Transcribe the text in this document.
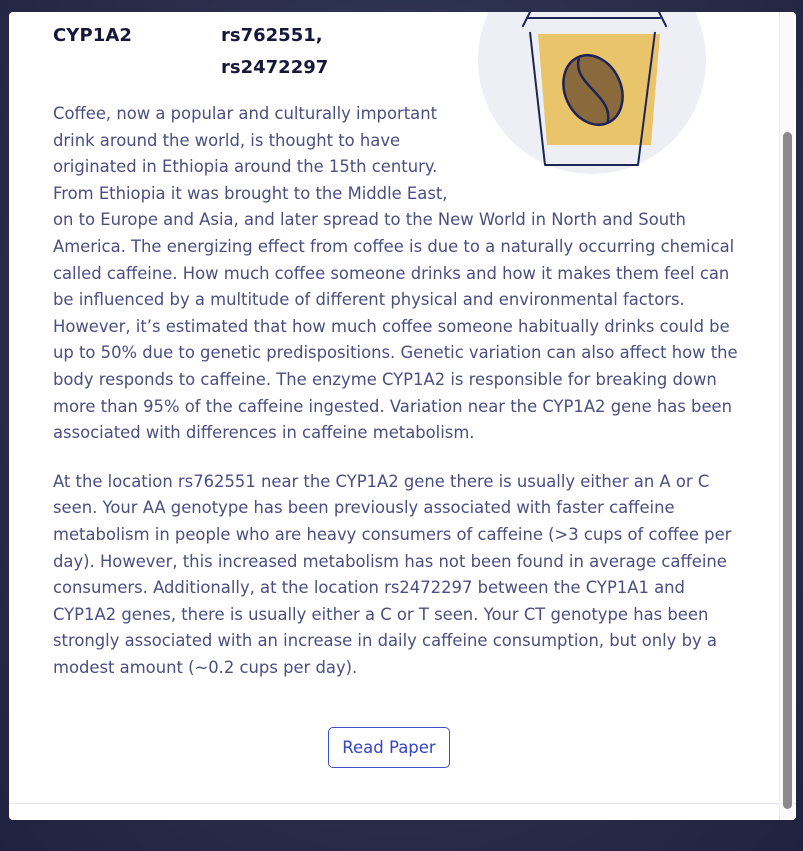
CYP1A2	rs762551,
rs2472297

Coffee, now a popular and culturally important drink around the world, is thought to have originated in Ethiopia around the 15th century. From Ethiopia it was brought to the Middle East, on to Europe and Asia, and later spread to the New World in North and South America. The energizing effect from coffee is due to a naturally occurring chemical called caffeine. How much coffee someone drinks and how it makes them feel can be influenced by a multitude of different physical and environmental factors. However, it’s estimated that how much coffee someone habitually drinks could be up to 50% due to genetic predispositions. Genetic variation can also affect how the body responds to caffeine. The enzyme CYP1A2 is responsible for breaking down more than 95% of the caffeine ingested. Variation near the CYP1A2 gene has been associated with differences in caffeine metabolism.

At the location rs762551 near the CYP1A2 gene there is usually either an A or C seen. Your AA genotype has been previously associated with faster caffeine metabolism in people who are heavy consumers of caffeine (>3 cups of coffee per day). However, this increased metabolism has not been found in average caffeine consumers. Additionally, at the location rs2472297 between the CYP1A1 and CYP1A2 genes, there is usually either a C or T seen. Your CT genotype has been strongly associated with an increase in daily caffeine consumption, but only by a modest amount (~0.2 cups per day).

Read Paper
